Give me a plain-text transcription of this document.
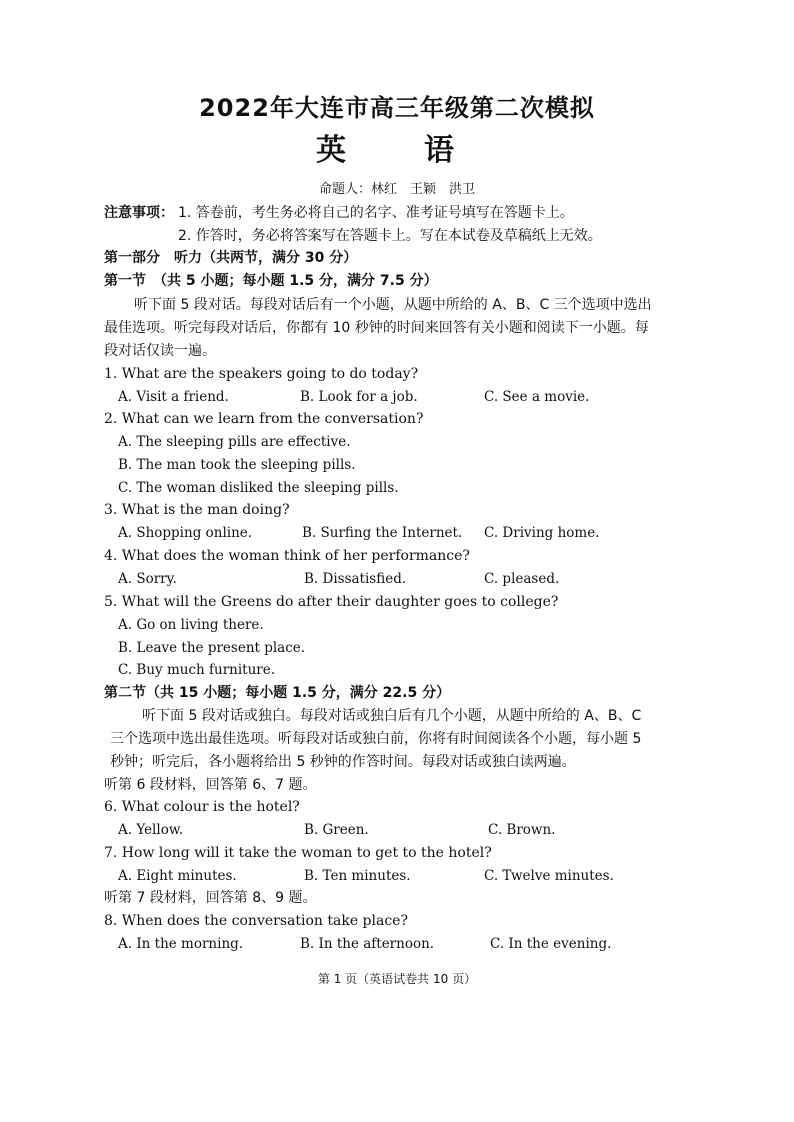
2022年大连市高三年级第二次模拟
英　语
命题人：林红　王颖　洪卫
注意事项： 1. 答卷前，考生务必将自己的名字、准考证号填写在答题卡上。
2. 作答时，务必将答案写在答题卡上。写在本试卷及草稿纸上无效。
第一部分　听力（共两节，满分 30 分）
第一节　（共 5 小题；每小题 1.5 分，满分 7.5 分）
听下面 5 段对话。每段对话后有一个小题，从题中所给的 A、B、C 三个选项中选出
最佳选项。听完每段对话后，你都有 10 秒钟的时间来回答有关小题和阅读下一小题。每
段对话仅读一遍。
1. What are the speakers going to do today?
A. Visit a friend.	B. Look for a job.	C. See a movie.
2. What can we learn from the conversation?
A. The sleeping pills are effective.
B. The man took the sleeping pills.
C. The woman disliked the sleeping pills.
3. What is the man doing?
A. Shopping online.	B. Surfing the Internet. C. Driving home.
4. What does the woman think of her performance?
A. Sorry.	B. Dissatisfied.	C. pleased.
5. What will the Greens do after their daughter goes to college?
A. Go on living there.
B. Leave the present place.
C. Buy much furniture.
第二节（共 15 小题；每小题 1.5 分，满分 22.5 分）
听下面 5 段对话或独白。每段对话或独白后有几个小题，从题中所给的 A、B、C
三个选项中选出最佳选项。听每段对话或独白前，你将有时间阅读各个小题，每小题 5
秒钟；听完后，各小题将给出 5 秒钟的作答时间。每段对话或独白读两遍。
听第 6 段材料，回答第 6、7 题。
6. What colour is the hotel?
A. Yellow.	B. Green.	C. Brown.
7. How long will it take the woman to get to the hotel?
A. Eight minutes.	B. Ten minutes.	C. Twelve minutes.
听第 7 段材料，回答第 8、9 题。
8. When does the conversation take place?
A. In the morning.	B. In the afternoon.	C. In the evening.
第 1 页（英语试卷共 10 页）
